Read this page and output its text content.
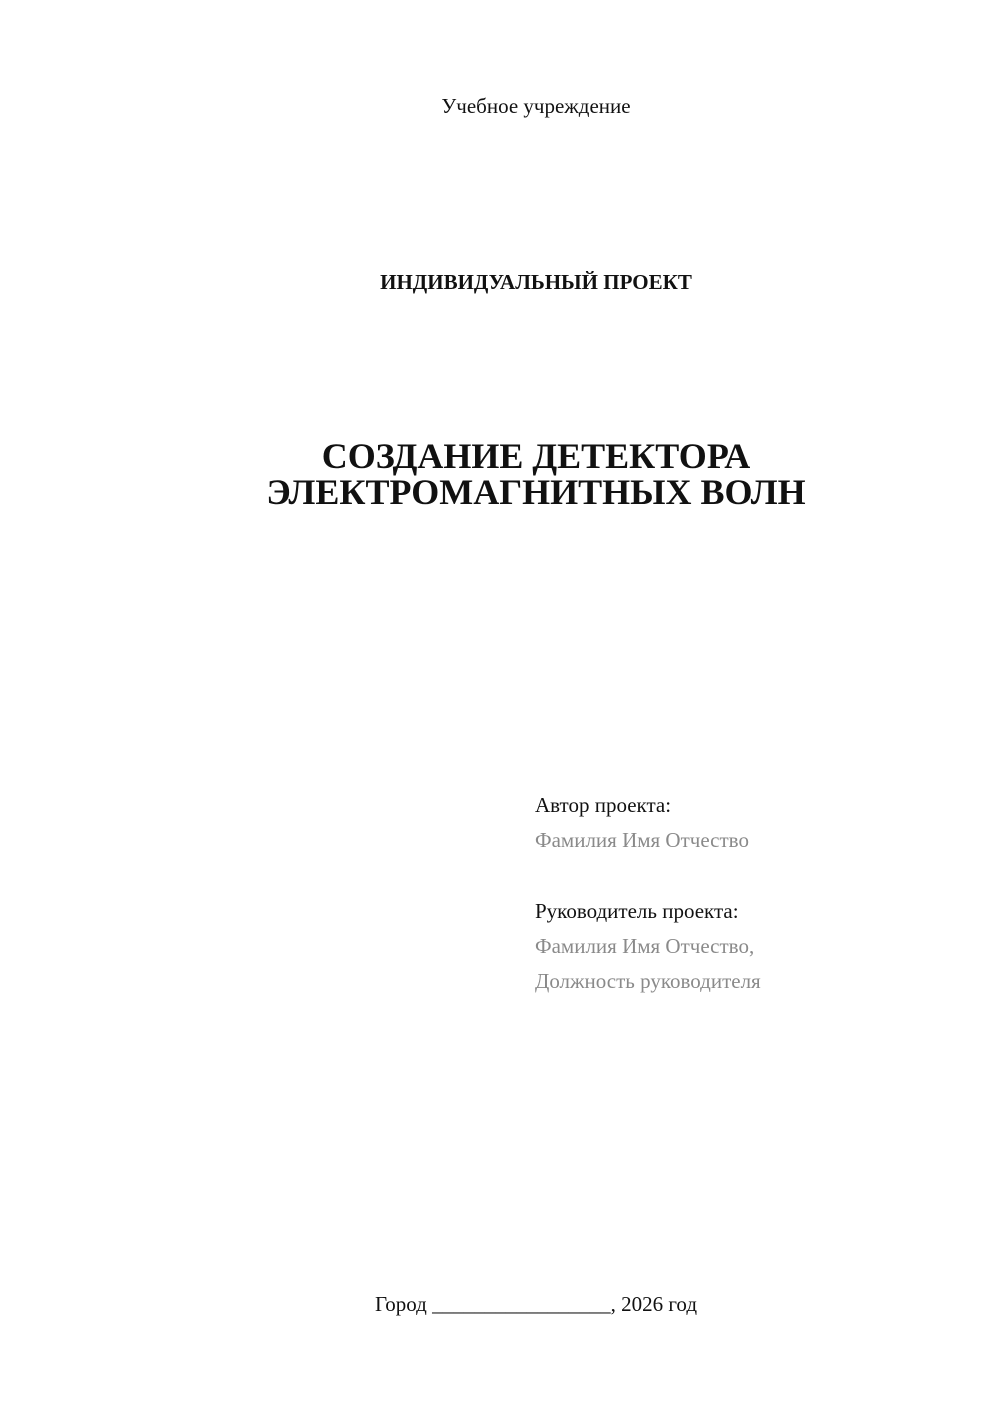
Учебное учреждение
ИНДИВИДУАЛЬНЫЙ ПРОЕКТ
СОЗДАНИЕ ДЕТЕКТОРА
ЭЛЕКТРОМАГНИТНЫХ ВОЛН
Автор проекта:
Фамилия Имя Отчество
Руководитель проекта:
Фамилия Имя Отчество,
Должность руководителя
Город _________________, 2026 год
